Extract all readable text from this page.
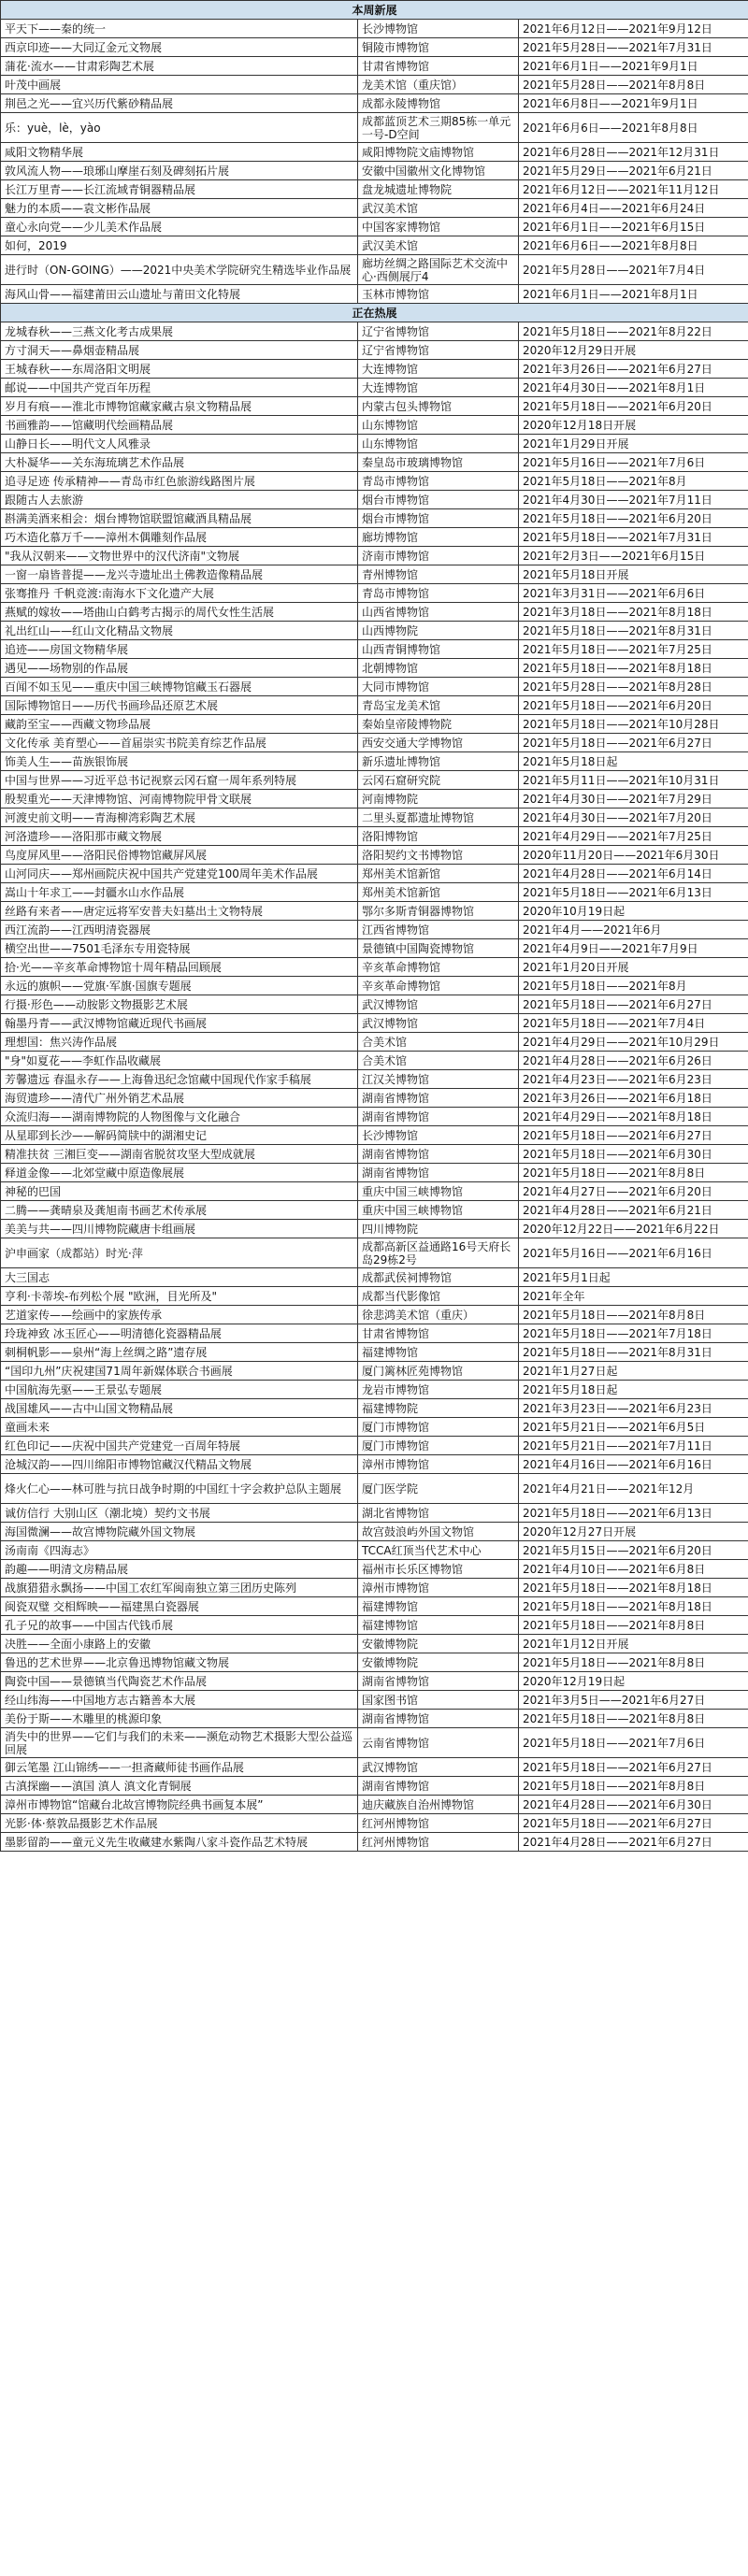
本周新展		
平天下——秦的统一	长沙博物馆	2021年6月12日——2021年9月12日
西京印迹——大同辽金元文物展	铜陵市博物馆	2021年5月28日——2021年7月31日
蒲花·流水——甘肃彩陶艺术展	甘肃省博物馆	2021年6月1日——2021年9月1日
叶茂中画展	龙美术馆（重庆馆）	2021年5月28日——2021年8月8日
荆邑之光——宜兴历代紫砂精品展	成都永陵博物馆	2021年6月8日——2021年9月1日
乐：yuè，lè，yào	成都蓝顶艺术三期85栋一单元一号-D空间	2021年6月6日——2021年8月8日
咸阳文物精华展	咸阳博物院文庙博物馆	2021年6月28日——2021年12月31日
敦风流人物——琅琊山摩崖石刻及碑刻拓片展	安徽中国徽州文化博物馆	2021年5月29日——2021年6月21日
长江万里青——长江流域青铜器精品展	盘龙城遗址博物院	2021年6月12日——2021年11月12日
魅力的本质——袁文彬作品展	武汉美术馆	2021年6月4日——2021年6月24日
童心永向党——少儿美术作品展	中国客家博物馆	2021年6月1日——2021年6月15日
如何，2019	武汉美术馆	2021年6月6日——2021年8月8日
进行时（ON-GOING）——2021中央美术学院研究生精选毕业作品展	廊坊丝绸之路国际艺术交流中心·西侧展厅4	2021年5月28日——2021年7月4日
海风山骨——福建莆田云山遗址与莆田文化特展	玉林市博物馆	2021年6月1日——2021年8月1日
正在热展		
龙城春秋——三燕文化考古成果展	辽宁省博物馆	2021年5月18日——2021年8月22日
方寸洞天——鼻烟壶精品展	辽宁省博物馆	2020年12月29日开展
王城春秋——东周洛阳文明展	大连博物馆	2021年3月26日——2021年6月27日
邮说——中国共产党百年历程	大连博物馆	2021年4月30日——2021年8月1日
岁月有痕——淮北市博物馆藏家藏古泉文物精品展	内蒙古包头博物馆	2021年5月18日——2021年6月20日
书画雅韵——馆藏明代绘画精品展	山东博物馆	2020年12月18日开展
山静日长——明代文人风雅录	山东博物馆	2021年1月29日开展
大朴凝华——关东海琉璃艺术作品展	秦皇岛市玻璃博物馆	2021年5月16日——2021年7月6日
追寻足迹 传承精神——青岛市红色旅游线路图片展	青岛市博物馆	2021年5月18日——2021年8月
跟随古人去旅游	烟台市博物馆	2021年4月30日——2021年7月11日
斟满美酒来相会：烟台博物馆联盟馆藏酒具精品展	烟台市博物馆	2021年5月18日——2021年6月20日
巧木造化慕万千——漳州木偶雕刻作品展	廊坊博物馆	2021年5月18日——2021年7月31日
"我从汉朝来——文物世界中的汉代济南"文物展	济南市博物馆	2021年2月3日——2021年6月15日
一窗一扇皆普提——龙兴寺遗址出土佛教造像精品展	青州博物馆	2021年5月18日开展
张骞推丹 千帆竞渡:南海水下文化遗产大展	青岛市博物馆	2021年3月31日——2021年6月6日
燕赋的嫁妆——塔曲山白鹤考古揭示的周代女性生活展	山西省博物馆	2021年3月18日——2021年8月18日
礼出红山——红山文化精品文物展	山西博物院	2021年5月18日——2021年8月31日
追迹——房国文物精华展	山西青铜博物馆	2021年5月18日——2021年7月25日
遇见——场物别的作品展	北朝博物馆	2021年5月18日——2021年8月18日
百闻不如玉见——重庆中国三峡博物馆藏玉石器展	大同市博物馆	2021年5月28日——2021年8月28日
国际博物馆日——历代书画珍品还原艺术展	青岛宝龙美术馆	2021年5月18日——2021年6月20日
藏韵至宝——西藏文物珍品展	秦始皇帝陵博物院	2021年5月18日——2021年10月28日
文化传承 美育塑心——首届崇实书院美育综艺作品展	西安交通大学博物馆	2021年5月18日——2021年6月27日
饰美人生——苗族银饰展	新乐遗址博物馆	2021年5月18日起
中国与世界——习近平总书记视察云冈石窟一周年系列特展	云冈石窟研究院	2021年5月11日——2021年10月31日
殷契重光——天津博物馆、河南博物院甲骨文联展	河南博物院	2021年4月30日——2021年7月29日
河渡史前文明——青海柳湾彩陶艺术展	二里头夏都遗址博物馆	2021年4月30日——2021年7月20日
河洛遗珍——洛阳那市藏文物展	洛阳博物馆	2021年4月29日——2021年7月25日
鸟度屏风里——洛阳民俗博物馆藏屏风展	洛阳契约文书博物馆	2020年11月20日——2021年6月30日
山河同庆——郑州画院庆祝中国共产党建党100周年美术作品展	郑州美术馆新馆	2021年4月28日——2021年6月14日
嵩山十年求工——封疆水山水作品展	郑州美术馆新馆	2021年5月18日——2021年6月13日
丝路有来者——唐定远将军安普夫妇墓出土文物特展	鄂尔多斯青铜器博物馆	2020年10月19日起
西江流韵——江西明清瓷器展	江西省博物馆	2021年4月——2021年6月
横空出世——7501毛泽东专用瓷特展	景德镇中国陶瓷博物馆	2021年4月9日——2021年7月9日
拾·光——辛亥革命博物馆十周年精品回顾展	辛亥革命博物馆	2021年1月20日开展
永远的旗帜——党旗·军旗·国旗专题展	辛亥革命博物馆	2021年5月18日——2021年8月
行摄·形色——动胺影文物摄影艺术展	武汉博物馆	2021年5月18日——2021年6月27日
翰墨丹青——武汉博物馆藏近现代书画展	武汉博物馆	2021年5月18日——2021年7月4日
理想国：焦兴涛作品展	合美术馆	2021年4月29日——2021年10月29日
"身"如夏花——李虹作品收藏展	合美术馆	2021年4月28日——2021年6月26日
芳馨遗远 春温永存——上海鲁迅纪念馆藏中国现代作家手稿展	江汉关博物馆	2021年4月23日——2021年6月23日
海贸遗珍——清代广州外销艺术品展	湖南省博物馆	2021年3月26日——2021年6月18日
众流归海——湖南博物院的人物图像与文化融合	湖南省博物馆	2021年4月29日——2021年8月18日
从星耶到长沙——解码简牍中的湖湘史记	长沙博物馆	2021年5月18日——2021年6月27日
精准扶贫 三湘巨变——湖南省脱贫攻坚大型成就展	湖南省博物馆	2021年5月18日——2021年6月30日
释道金像——北郊堂藏中原造像展展	湖南省博物馆	2021年5月18日——2021年8月8日
神秘的巴国	重庆中国三峡博物馆	2021年4月27日——2021年6月20日
二腾——龚晴泉及龚旭南书画艺术传承展	重庆中国三峡博物馆	2021年4月28日——2021年6月21日
美美与共——四川博物院藏唐卡组画展	四川博物院	2020年12月22日——2021年6月22日
沪申画家（成都站）时光·萍	成都高新区益通路16号天府长岛29栋2号	2021年5月16日——2021年6月16日
大三国志	成都武侯祠博物馆	2021年5月1日起
亨利·卡蒂埃-布列松个展 "欧洲，目光所及"	成都当代影像馆	2021年全年
艺道家传——绘画中的家族传承	徐悲鸿美术馆（重庆）	2021年5月18日——2021年8月8日
玲珑神致 冰玉匠心——明清德化瓷器精品展	甘肃省博物馆	2021年5月18日——2021年7月18日
刺桐帆影——泉州“海上丝绸之路”遗存展	福建博物馆	2021年5月18日——2021年8月31日
“国印九州”庆祝建国71周年新媒体联合书画展	厦门篱林匠苑博物馆	2021年1月27日起
中国航海先驱——王景弘专题展	龙岩市博物馆	2021年5月18日起
战国雄风——古中山国文物精品展	福建博物院	2021年3月23日——2021年6月23日
童画未来	厦门市博物馆	2021年5月21日——2021年6月5日
红色印记——庆祝中国共产党建党一百周年特展	厦门市博物馆	2021年5月21日——2021年7月11日
沧城汉韵——四川绵阳市博物馆藏汉代精品文物展	漳州市博物馆	2021年4月16日——2021年6月16日
烽火仁心——林可胜与抗日战争时期的中国红十字会救护总队主题展	厦门医学院	2021年4月21日——2021年12月
诚仿信行 大别山区（潮北境）契约文书展	湖北省博物馆	2021年5月18日——2021年6月13日
海国微澜——故宫博物院藏外国文物展	故宫鼓浪屿外国文物馆	2020年12月27日开展
汤南南《四海志》	TCCA红顶当代艺术中心	2021年5月15日——2021年6月20日
韵趣——明清文房精品展	福州市长乐区博物馆	2021年4月10日——2021年6月8日
战旗猎猎永飘扬——中国工农红军闽南独立第三团历史陈列	漳州市博物馆	2021年5月18日——2021年8月18日
闽瓷双璧 交相辉映——福建黑白瓷器展	福建博物馆	2021年5月18日——2021年8月18日
孔子兄的故事——中国古代钱币展	福建博物馆	2021年5月18日——2021年8月8日
决胜——全面小康路上的安徽	安徽博物院	2021年1月12日开展
鲁迅的艺术世界——北京鲁迅博物馆藏文物展	安徽博物院	2021年5月18日——2021年8月8日
陶瓷中国——景德镇当代陶瓷艺术作品展	湖南省博物馆	2020年12月19日起
经山纬海——中国地方志古籍善本大展	国家图书馆	2021年3月5日——2021年6月27日
美份于斯——木雕里的桃源印象	湖南省博物馆	2021年5月18日——2021年8月8日
消失中的世界——它们与我们的未来——濒危动物艺术摄影大型公益巡回展	云南省博物馆	2021年5月18日——2021年7月6日
御云笔墨 江山锦绣——一担斋藏师徒书画作品展	武汉博物馆	2021年5月18日——2021年6月27日
古滇探幽——滇国 滇人 滇文化青铜展	湖南省博物馆	2021年5月18日——2021年8月8日
漳州市博物馆“馆藏台北故宫博物院经典书画复本展”	迪庆藏族自治州博物馆	2021年4月28日——2021年6月30日
光影·体·蔡敦品摄影艺术作品展	红河州博物馆	2021年5月18日——2021年6月27日
墨影留韵——童元义先生收藏建水紫陶八家斗瓷作品艺术特展	红河州博物馆	2021年4月28日——2021年6月27日
